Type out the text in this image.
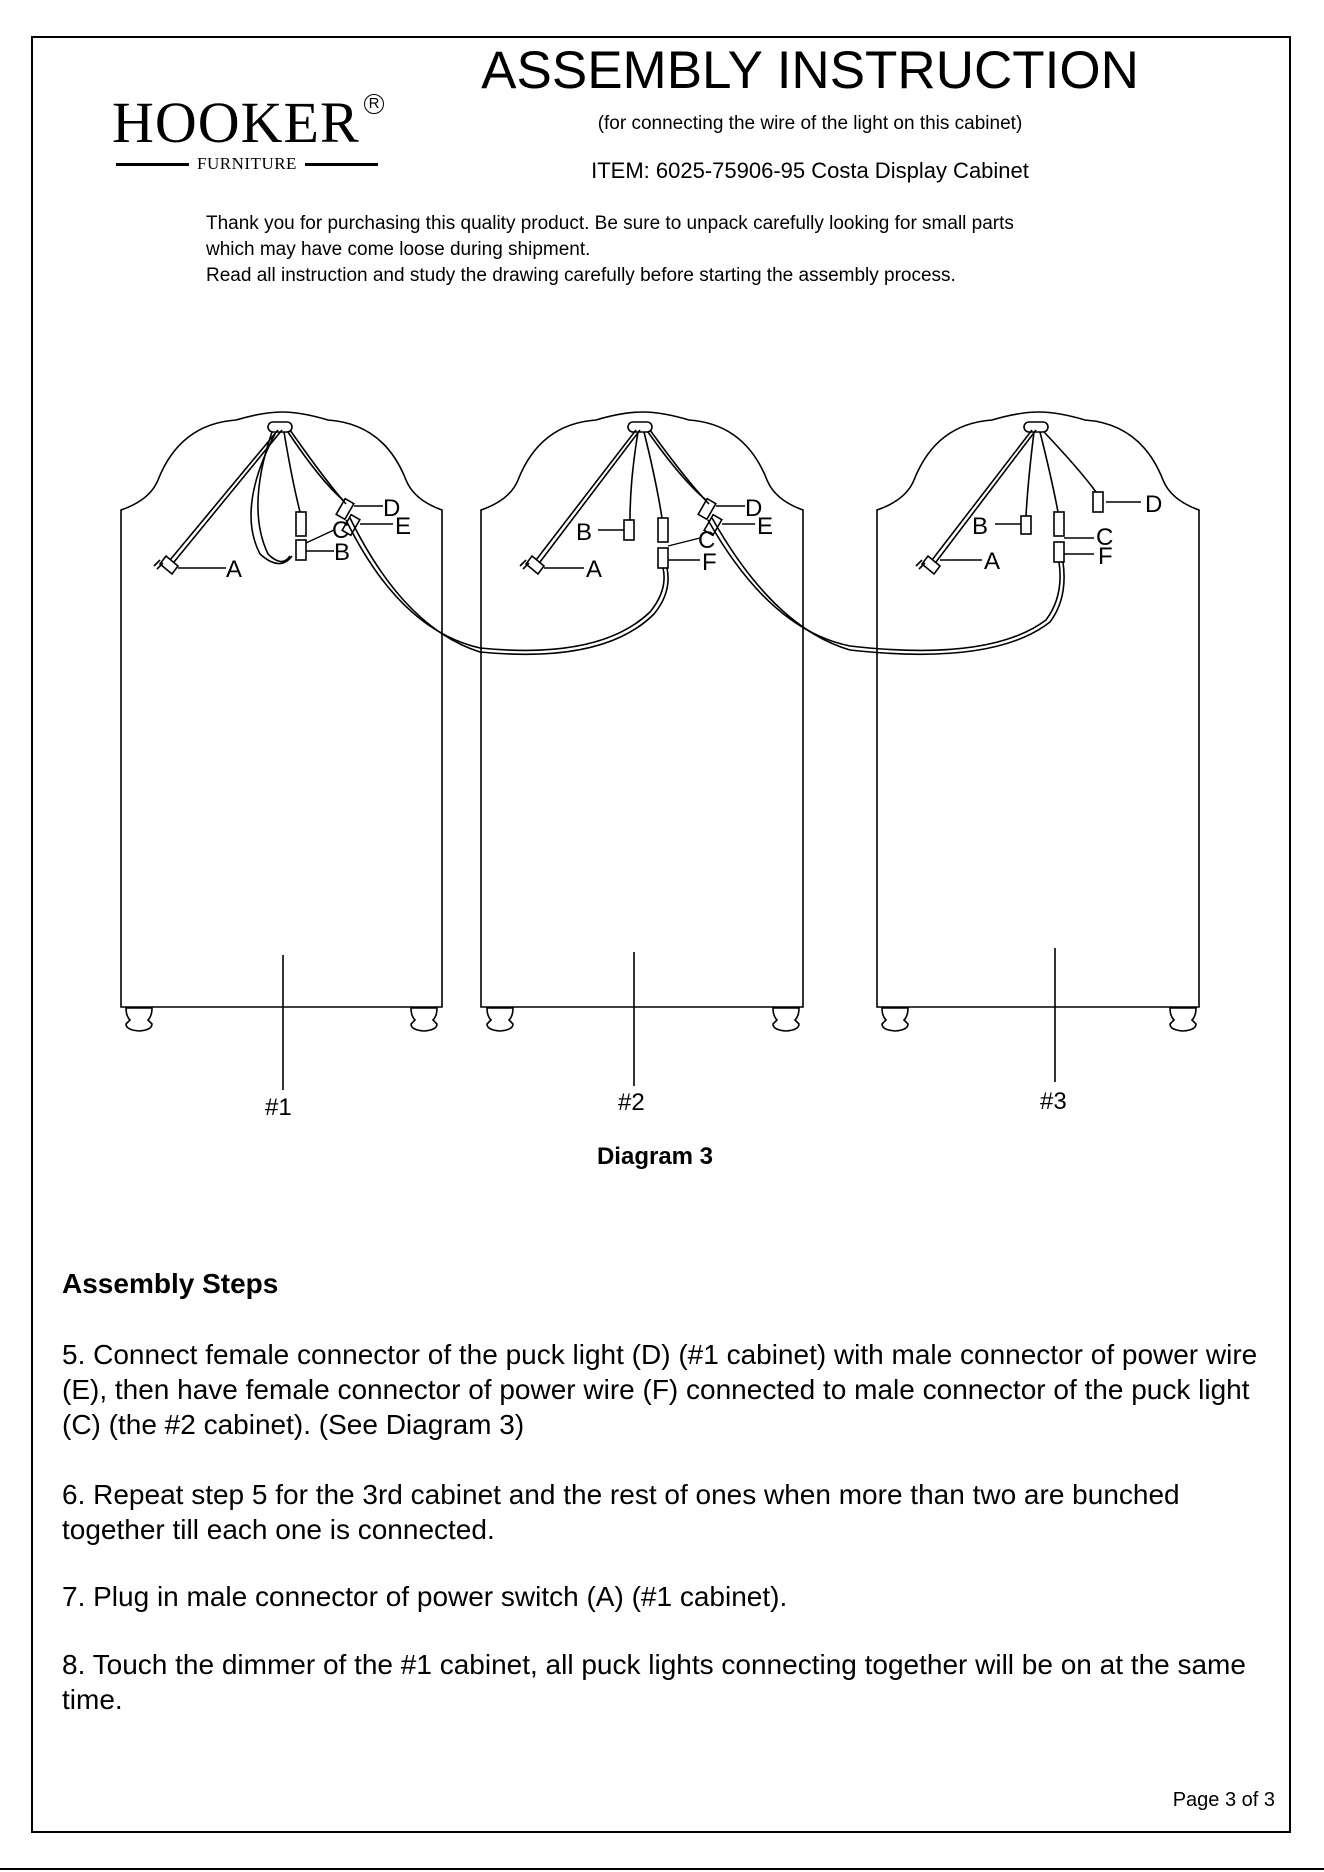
HOOKER R
FURNITURE
ASSEMBLY INSTRUCTION
(for connecting the wire of the light on this cabinet)
ITEM: 6025-75906-95 Costa Display Cabinet

Thank you for purchasing this quality product. Be sure to unpack carefully looking for small parts

which may have come loose during shipment.

Read all instruction and study the drawing carefully before starting the assembly process.

A
C
B
D
E
#1
A
B	C
F
D
E
#2
A
B	C
F
D
#3
Diagram 3
Assembly Steps

5. Connect female connector of the puck light (D) (#1 cabinet) with male connector of power wire (E), then have female connector of power wire (F) connected to male connector of the puck light (C) (the #2 cabinet). (See Diagram 3)

6. Repeat step 5 for the 3rd cabinet and the rest of ones when more than two are bunched together till each one is connected.

7. Plug in male connector of power switch (A) (#1 cabinet).

8. Touch the dimmer of the #1 cabinet, all puck lights connecting together will be on at the same time.

Page 3 of 3
